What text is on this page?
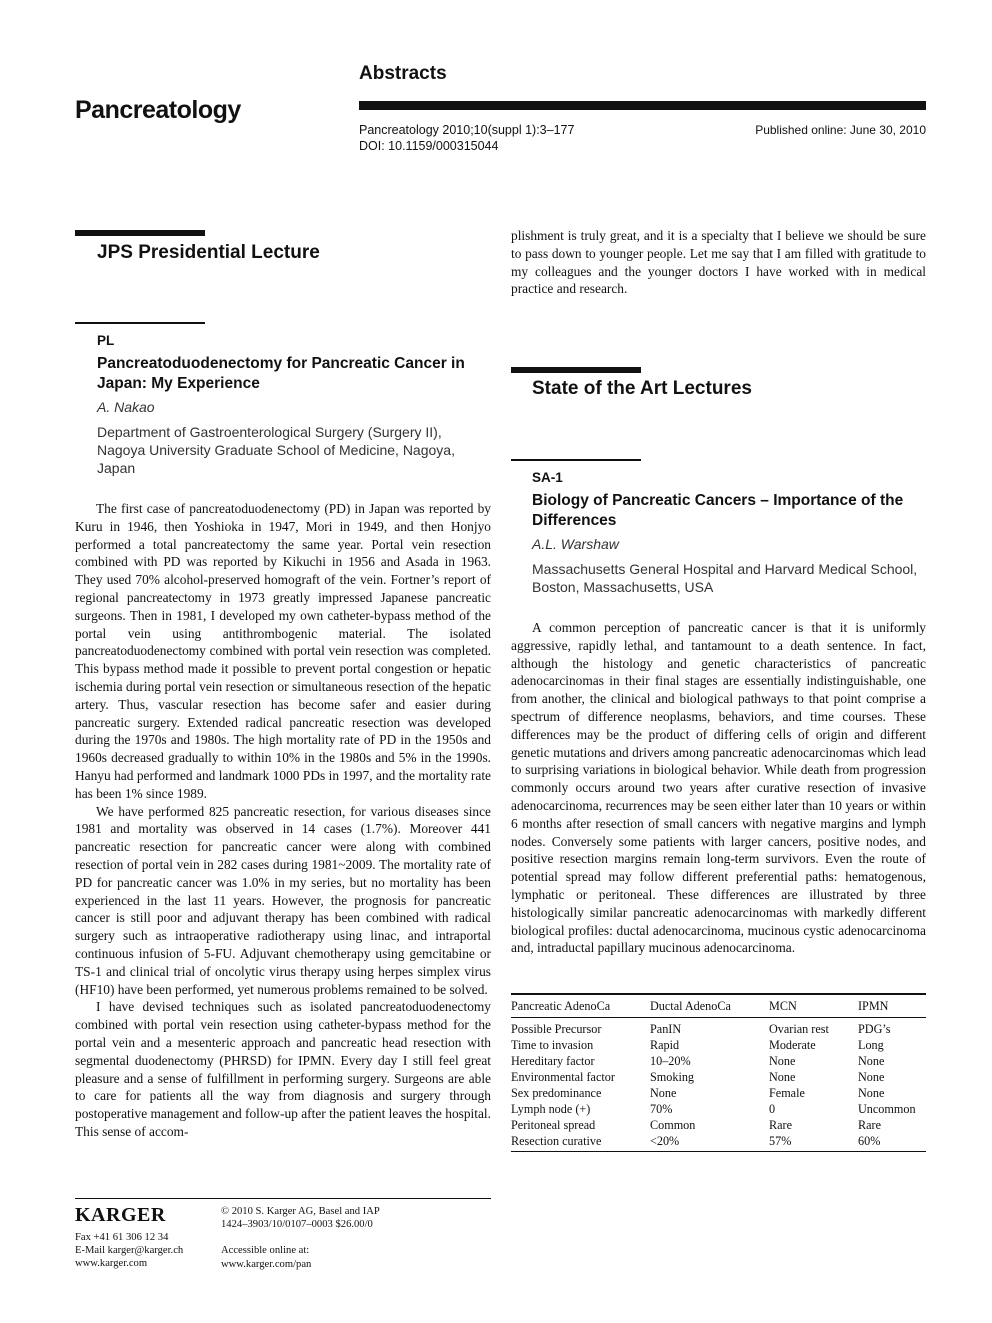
Pancreatology
Abstracts
Pancreatology 2010;10(suppl 1):3–177
DOI: 10.1159/000315044
Published online: June 30, 2010
JPS Presidential Lecture
PL
Pancreatoduodenectomy for Pancreatic Cancer in Japan: My Experience
A. Nakao
Department of Gastroenterological Surgery (Surgery II), Nagoya University Graduate School of Medicine, Nagoya, Japan

The first case of pancreatoduodenectomy (PD) in Japan was reported by Kuru in 1946, then Yoshioka in 1947, Mori in 1949, and then Honjyo performed a total pancreatectomy the same year. Portal vein resection combined with PD was reported by Kikuchi in 1956 and Asada in 1963. They used 70% alcohol-preserved homograft of the vein. Fortner’s report of regional pancreatectomy in 1973 greatly impressed Japanese pancreatic surgeons. Then in 1981, I developed my own catheter-bypass method of the portal vein using antithrombogenic material. The isolated pancreatoduodenectomy combined with portal vein resection was completed. This bypass method made it possible to prevent portal congestion or hepatic ischemia during portal vein resection or simultaneous resection of the hepatic artery. Thus, vascular resection has become safer and easier during pancreatic surgery. Extended radical pancreatic resection was developed during the 1970s and 1980s. The high mortality rate of PD in the 1950s and 1960s decreased gradually to within 10% in the 1980s and 5% in the 1990s. Hanyu had performed and landmark 1000 PDs in 1997, and the mortality rate has been 1% since 1989.

We have performed 825 pancreatic resection, for various diseases since 1981 and mortality was observed in 14 cases (1.7%). Moreover 441 pancreatic resection for pancreatic cancer were along with combined resection of portal vein in 282 cases during 1981~2009. The mortality rate of PD for pancreatic cancer was 1.0% in my series, but no mortality has been experienced in the last 11 years. However, the prognosis for pancreatic cancer is still poor and adjuvant therapy has been combined with radical surgery such as intraoperative radiotherapy using linac, and intraportal continuous infusion of 5-FU. Adjuvant chemotherapy using gemcitabine or TS-1 and clinical trial of oncolytic virus therapy using herpes simplex virus (HF10) have been performed, yet numerous problems remained to be solved.

I have devised techniques such as isolated pancreatoduodenectomy combined with portal vein resection using catheter-bypass method for the portal vein and a mesenteric approach and pancreatic head resection with segmental duodenectomy (PHRSD) for IPMN. Every day I still feel great pleasure and a sense of fulfillment in performing surgery. Surgeons are able to care for patients all the way from diagnosis and surgery through postoperative management and follow-up after the patient leaves the hospital. This sense of accom-

plishment is truly great, and it is a specialty that I believe we should be sure to pass down to younger people. Let me say that I am filled with gratitude to my colleagues and the younger doctors I have worked with in medical practice and research.

State of the Art Lectures
SA-1
Biology of Pancreatic Cancers – Importance of the Differences
A.L. Warshaw
Massachusetts General Hospital and Harvard Medical School, Boston, Massachusetts, USA

A common perception of pancreatic cancer is that it is uniformly aggressive, rapidly lethal, and tantamount to a death sentence. In fact, although the histology and genetic characteristics of pancreatic adenocarcinomas in their final stages are essentially indistinguishable, one from another, the clinical and biological pathways to that point comprise a spectrum of difference neoplasms, behaviors, and time courses. These differences may be the product of differing cells of origin and different genetic mutations and drivers among pancreatic adenocarcinomas which lead to surprising variations in biological behavior. While death from progression commonly occurs around two years after curative resection of invasive adenocarcinoma, recurrences may be seen either later than 10 years or within 6 months after resection of small cancers with negative margins and lymph nodes. Conversely some patients with larger cancers, positive nodes, and positive resection margins remain long-term survivors. Even the route of potential spread may follow different preferential paths: hematogenous, lymphatic or peritoneal. These differences are illustrated by three histologically similar pancreatic adenocarcinomas with markedly different biological profiles: ductal adenocarcinoma, mucinous cystic adenocarcinoma and, intraductal papillary mucinous adenocarcinoma.

Pancreatic AdenoCa	Ductal AdenoCa	MCN	IPMN
Possible Precursor	PanIN	Ovarian rest	PDG’s
Time to invasion	Rapid	Moderate	Long
Hereditary factor	10–20%	None	None
Environmental factor	Smoking	None	None
Sex predominance	None	Female	None
Lymph node (+)	70%	0	Uncommon
Peritoneal spread	Common	Rare	Rare
Resection curative	<20%	57%	60%
KARGER
Fax +41 61 306 12 34
E-Mail karger@karger.ch
www.karger.com
© 2010 S. Karger AG, Basel and IAP
1424–3903/10/0107–0003 $26.00/0
Accessible online at:
www.karger.com/pan
